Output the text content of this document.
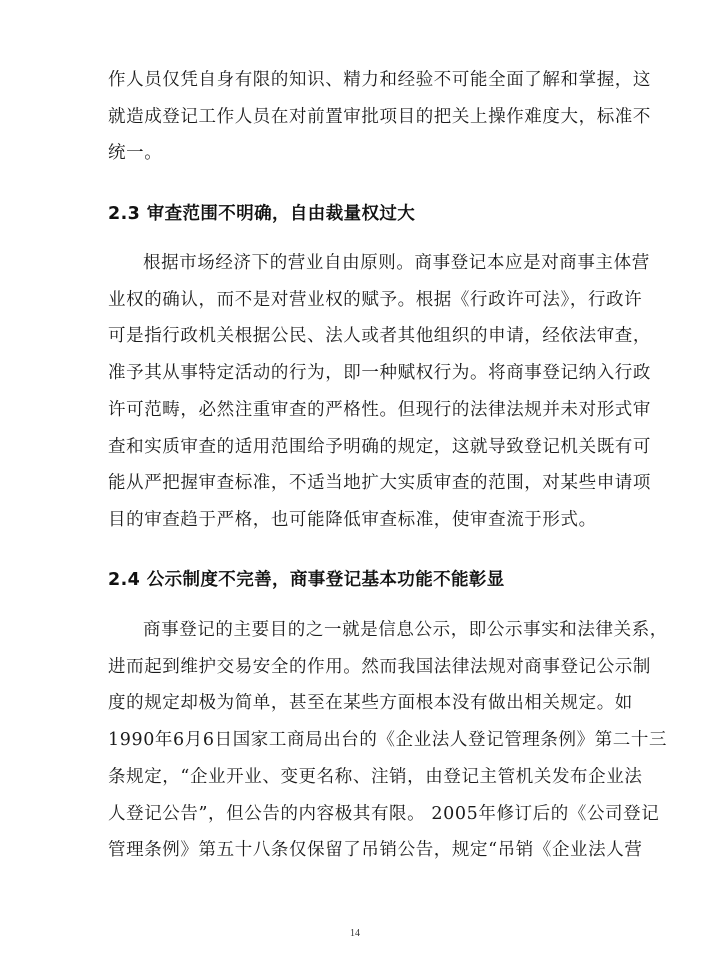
作人员仅凭自身有限的知识、精力和经验不可能全面了解和掌握，这
就造成登记工作人员在对前置审批项目的把关上操作难度大，标准不
统一。
2.3 审查范围不明确，自由裁量权过大
根据市场经济下的营业自由原则。商事登记本应是对商事主体营
业权的确认，而不是对营业权的赋予。根据《行政许可法》，行政许
可是指行政机关根据公民、法人或者其他组织的申请，经依法审查，
准予其从事特定活动的行为，即一种赋权行为。将商事登记纳入行政
许可范畴，必然注重审查的严格性。但现行的法律法规并未对形式审
查和实质审查的适用范围给予明确的规定，这就导致登记机关既有可
能从严把握审查标准，不适当地扩大实质审查的范围，对某些申请项
目的审查趋于严格，也可能降低审查标准，使审查流于形式。
2.4 公示制度不完善，商事登记基本功能不能彰显
商事登记的主要目的之一就是信息公示，即公示事实和法律关系，
进而起到维护交易安全的作用。然而我国法律法规对商事登记公示制
度的规定却极为简单，甚至在某些方面根本没有做出相关规定。如
1990年6月6日国家工商局出台的《企业法人登记管理条例》第二十三
条规定，“企业开业、变更名称、注销，由登记主管机关发布企业法
人登记公告”，但公告的内容极其有限。 2005年修订后的《公司登记
管理条例》第五十八条仅保留了吊销公告，规定“吊销《企业法人营
14
